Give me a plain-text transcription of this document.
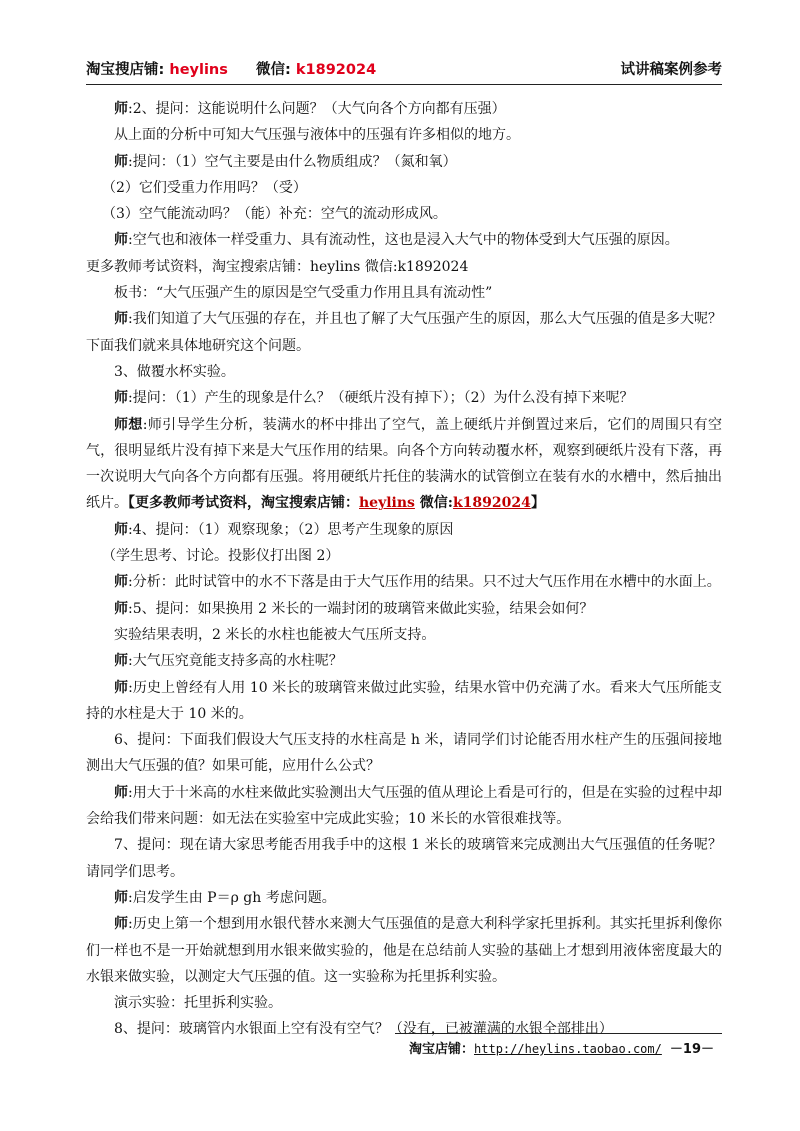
淘宝搜店铺: heylins 微信: k1892024	试讲稿案例参考

师:2、提问：这能说明什么问题？（大气向各个方向都有压强）

从上面的分析中可知大气压强与液体中的压强有许多相似的地方。

师:提问：（1）空气主要是由什么物质组成？（氮和氧）

（2）它们受重力作用吗？（受）

（3）空气能流动吗？（能）补充：空气的流动形成风。

师:空气也和液体一样受重力、具有流动性，这也是浸入大气中的物体受到大气压强的原因。

更多教师考试资料，淘宝搜索店铺：heylins 微信:k1892024

板书：“大气压强产生的原因是空气受重力作用且具有流动性”

师:我们知道了大气压强的存在，并且也了解了大气压强产生的原因，那么大气压强的值是多大呢？下面我们就来具体地研究这个问题。

3、做覆水杯实验。

师:提问：（1）产生的现象是什么？（硬纸片没有掉下）；（2）为什么没有掉下来呢？

师想:师引导学生分析，装满水的杯中排出了空气，盖上硬纸片并倒置过来后，它们的周围只有空气，很明显纸片没有掉下来是大气压作用的结果。向各个方向转动覆水杯，观察到硬纸片没有下落，再一次说明大气向各个方向都有压强。将用硬纸片托住的装满水的试管倒立在装有水的水槽中，然后抽出纸片。【更多教师考试资料，淘宝搜索店铺：heylins 微信:k1892024】

师:4、提问：（1）观察现象；（2）思考产生现象的原因

（学生思考、讨论。投影仪打出图 2）

师:分析：此时试管中的水不下落是由于大气压作用的结果。只不过大气压作用在水槽中的水面上。

师:5、提问：如果换用 2 米长的一端封闭的玻璃管来做此实验，结果会如何？

实验结果表明，2 米长的水柱也能被大气压所支持。

师:大气压究竟能支持多高的水柱呢？

师:历史上曾经有人用 10 米长的玻璃管来做过此实验，结果水管中仍充满了水。看来大气压所能支持的水柱是大于 10 米的。

6、提问：下面我们假设大气压支持的水柱高是 h 米，请同学们讨论能否用水柱产生的压强间接地测出大气压强的值？如果可能，应用什么公式？

师:用大于十米高的水柱来做此实验测出大气压强的值从理论上看是可行的，但是在实验的过程中却会给我们带来问题：如无法在实验室中完成此实验；10 米长的水管很难找等。

7、提问：现在请大家思考能否用我手中的这根 1 米长的玻璃管来完成测出大气压强值的任务呢？请同学们思考。

师:启发学生由 P＝ρ gh 考虑问题。

师:历史上第一个想到用水银代替水来测大气压强值的是意大利科学家托里拆利。其实托里拆利像你们一样也不是一开始就想到用水银来做实验的，他是在总结前人实验的基础上才想到用液体密度最大的水银来做实验，以测定大气压强的值。这一实验称为托里拆利实验。

演示实验：托里拆利实验。

8、提问：玻璃管内水银面上空有没有空气？（没有，已被灌满的水银全部排出）

淘宝店铺：http://heylins.taobao.com/ －19－
